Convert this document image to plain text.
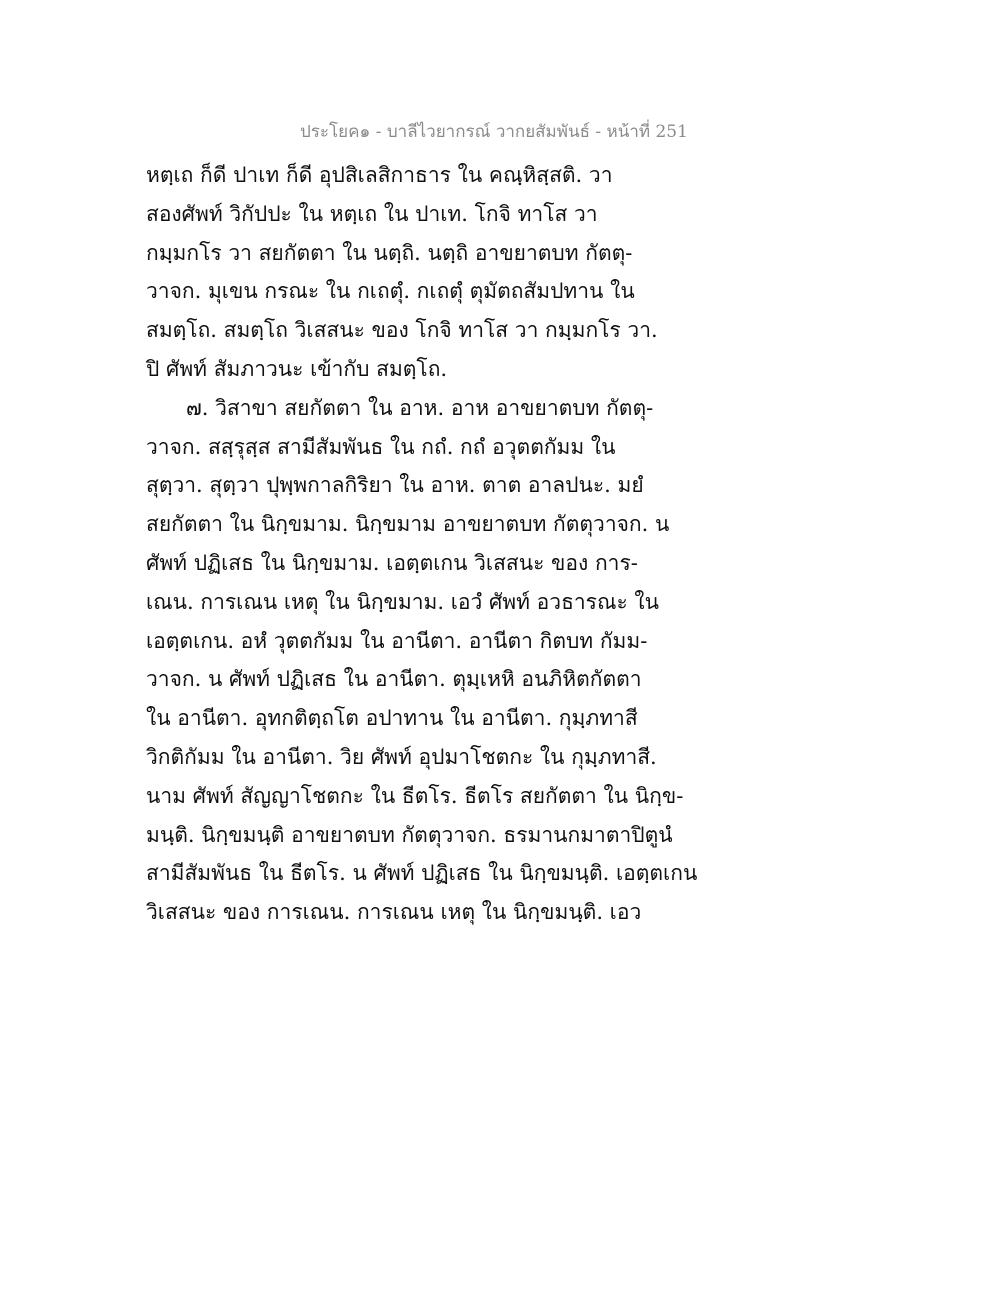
ประโยค๑ - บาลีไวยากรณ์ วากยสัมพันธ์ - หน้าที่ 251
หตฺเถ ก็ดี ปาเท ก็ดี อุปสิเลสิกาธาร ใน คณฺหิสฺสติ. วา
สองศัพท์ วิกัปปะ ใน หตฺเถ ใน ปาเท. โกจิ ทาโส วา
กมฺมกโร วา สยกัตตา ใน นตฺถิ. นตฺถิ อาขยาตบท กัตตุ-
วาจก. มุเขน กรณะ ใน กเถตุํ. กเถตุํ ตุมัตถสัมปทาน ใน
สมตฺโถ. สมตฺโถ วิเสสนะ ของ โกจิ ทาโส วา กมฺมกโร วา.
ปิ ศัพท์ สัมภาวนะ เข้ากับ สมตฺโถ.
๗. วิสาขา สยกัตตา ใน อาห. อาห อาขยาตบท กัตตุ-
วาจก. สสฺรุสฺส สามีสัมพันธ ใน กถํ. กถํ อวุตตกัมม ใน
สุตฺวา. สุตฺวา ปุพฺพกาลกิริยา ใน อาห. ตาต อาลปนะ. มยํ
สยกัตตา ใน นิกฺขมาม. นิกฺขมาม อาขยาตบท กัตตุวาจก. น
ศัพท์ ปฏิเสธ ใน นิกฺขมาม. เอตฺตเกน วิเสสนะ ของ การ-
เณน. การเณน เหตุ ใน นิกฺขมาม. เอวํ ศัพท์ อวธารณะ ใน
เอตฺตเกน. อหํ วุตตกัมม ใน อานีตา. อานีตา กิตบท กัมม-
วาจก. น ศัพท์ ปฏิเสธ ใน อานีตา. ตุมฺเหหิ อนภิหิตกัตตา
ใน อานีตา. อุทกติตฺถโต อปาทาน ใน อานีตา. กุมฺภทาสี
วิกติกัมม ใน อานีตา. วิย ศัพท์ อุปมาโชตกะ ใน กุมฺภทาสี.
นาม ศัพท์ สัญญาโชตกะ ใน ธีตโร. ธีตโร สยกัตตา ใน นิกฺข-
มนฺติ. นิกฺขมนฺติ อาขยาตบท กัตตุวาจก. ธรมานกมาตาปิตูนํ
สามีสัมพันธ ใน ธีตโร. น ศัพท์ ปฏิเสธ ใน นิกฺขมนฺติ. เอตฺตเกน
วิเสสนะ ของ การเณน. การเณน เหตุ ใน นิกฺขมนฺติ. เอว
